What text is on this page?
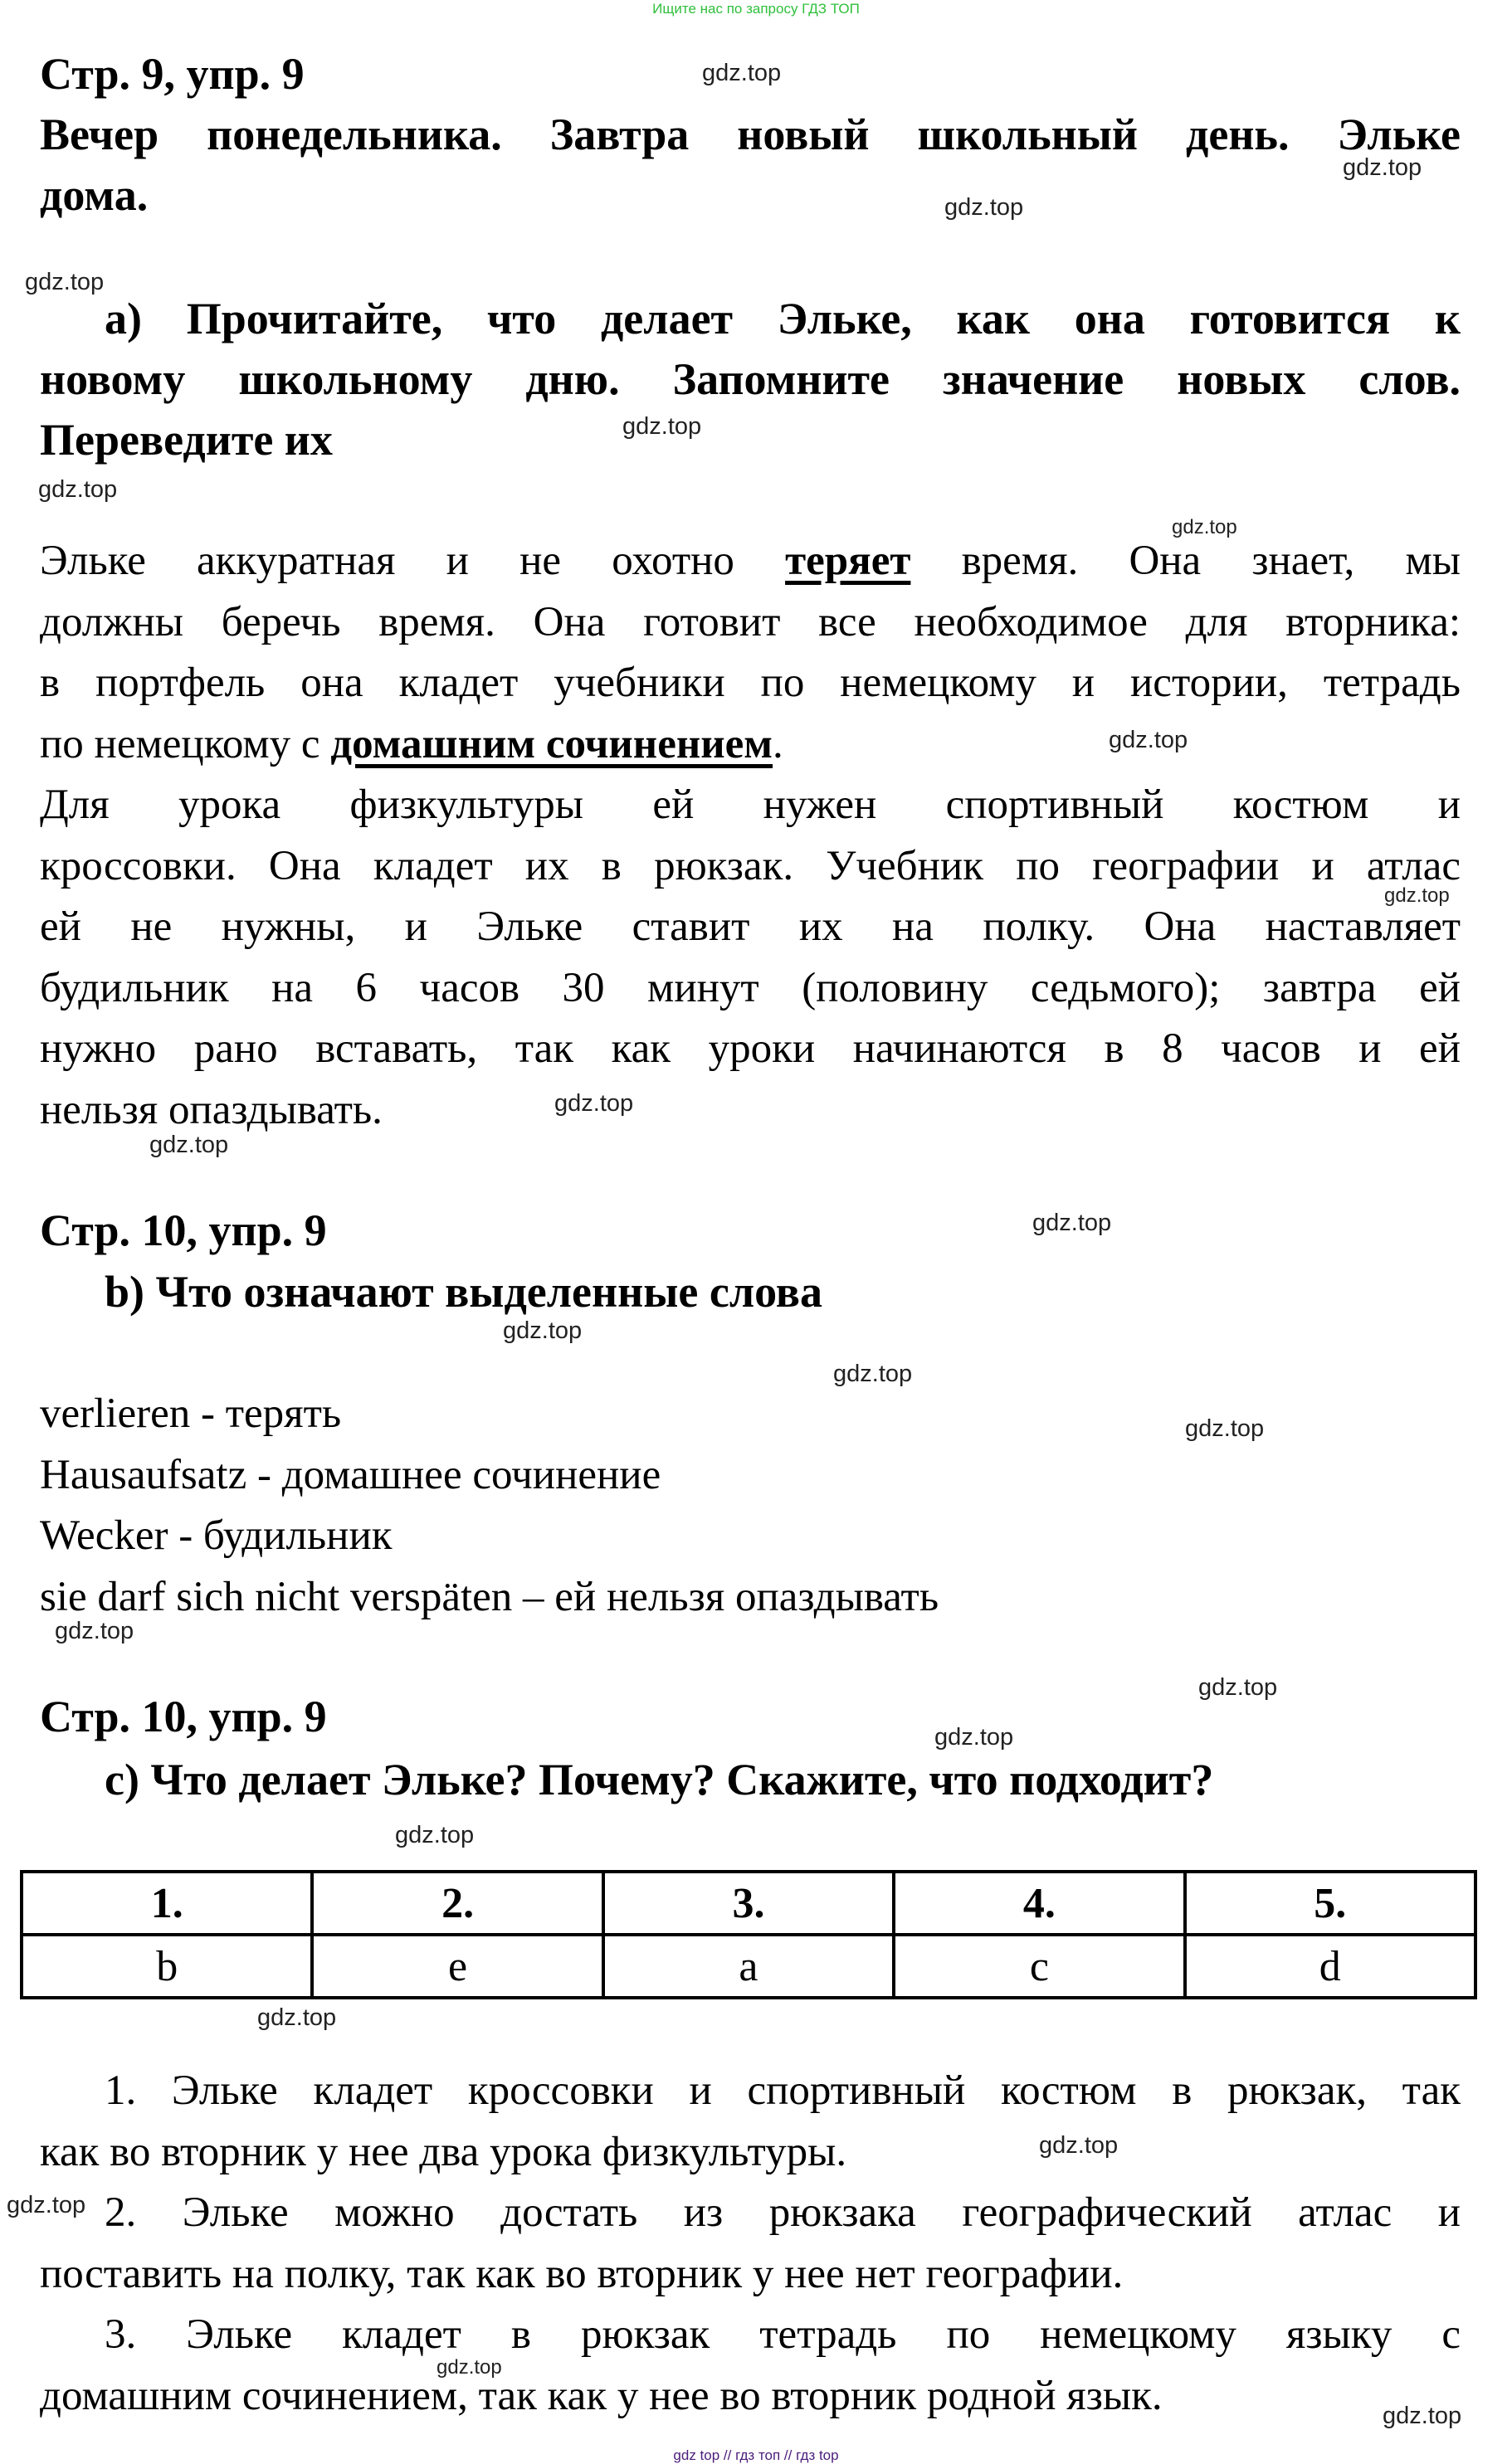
Ищите нас по запросу ГДЗ ТОП
Стр. 9, упр. 9
Вечер понедельника. Завтра новый школьный день. Эльке
дома.
а) Прочитайте, что делает Эльке, как она готовится к
новому школьному дню. Запомните значение новых слов.
Переведите их
Эльке аккуратная и не охотно теряет время. Она знает, мы
должны беречь время. Она готовит все необходимое для вторника:
в портфель она кладет учебники по немецкому и истории, тетрадь
по немецкому с домашним сочинением.
Для урока физкультуры ей нужен спортивный костюм и
кроссовки. Она кладет их в рюкзак. Учебник по географии и атлас
ей не нужны, и Эльке ставит их на полку. Она наставляет
будильник на 6 часов 30 минут (половину седьмого); завтра ей
нужно рано вставать, так как уроки начинаются в 8 часов и ей
нельзя опаздывать.
Стр. 10, упр. 9
b) Что означают выделенные слова
verlieren - терять
Hausaufsatz - домашнее сочинение
Wecker - будильник
sie darf sich nicht verspäten – ей нельзя опаздывать
Стр. 10, упр. 9
c) Что делает Эльке? Почему? Скажите, что подходит?
1.	2.	3.	4.	5.
b	e	a	c	d
1. Эльке кладет кроссовки и спортивный костюм в рюкзак, так
как во вторник у нее два урока физкультуры.
2. Эльке можно достать из рюкзака географический атлас и
поставить на полку, так как во вторник у нее нет географии.
3. Эльке кладет в рюкзак тетрадь по немецкому языку с
домашним сочинением, так как у нее во вторник родной язык.
gdz.top
gdz.top
gdz.top
gdz.top
gdz.top
gdz.top
gdz.top
gdz.top
gdz.top
gdz.top
gdz.top
gdz.top
gdz.top
gdz.top
gdz.top
gdz.top
gdz.top
gdz.top
gdz.top
gdz.top
gdz.top
gdz.top
gdz.top
gdz.top
gdz top // гдз топ // гдз top
